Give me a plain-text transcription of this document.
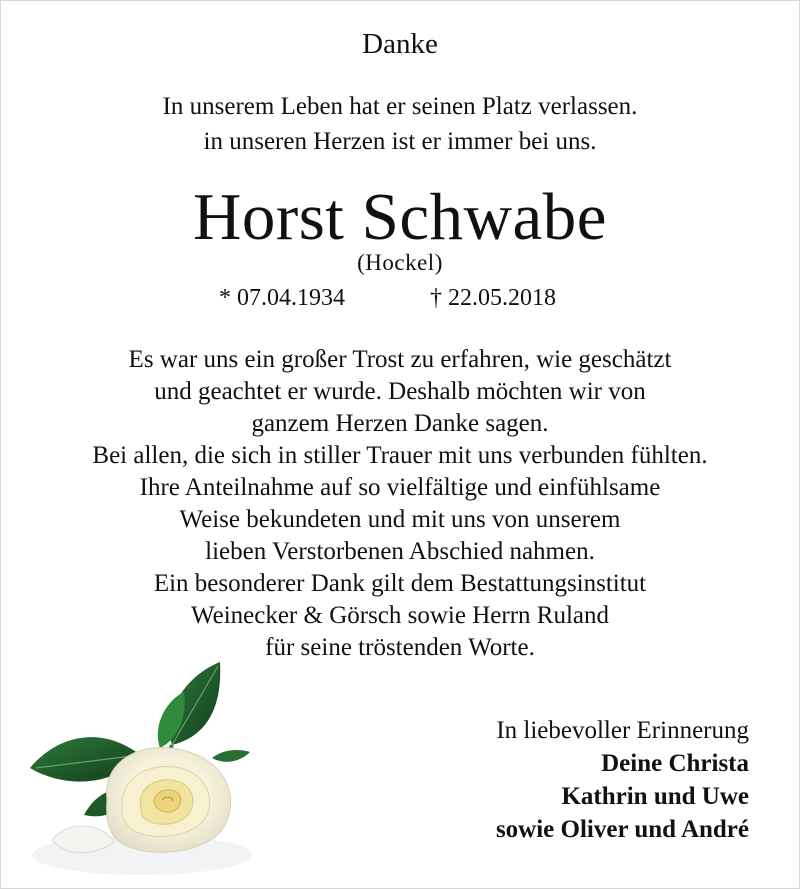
Danke
In unserem Leben hat er seinen Platz verlassen.
in unseren Herzen ist er immer bei uns.
Horst Schwabe
(Hockel)
* 07.04.1934	† 22.05.2018
Es war uns ein großer Trost zu erfahren, wie geschätzt
und geachtet er wurde. Deshalb möchten wir von
ganzem Herzen Danke sagen.
Bei allen, die sich in stiller Trauer mit uns verbunden fühlten.
Ihre Anteilnahme auf so vielfältige und einfühlsame
Weise bekundeten und mit uns von unserem
lieben Verstorbenen Abschied nahmen.
Ein besonderer Dank gilt dem Bestattungsinstitut
Weinecker & Görsch sowie Herrn Ruland
für seine tröstenden Worte.
In liebevoller Erinnerung
Deine Christa
Kathrin und Uwe
sowie Oliver und André
